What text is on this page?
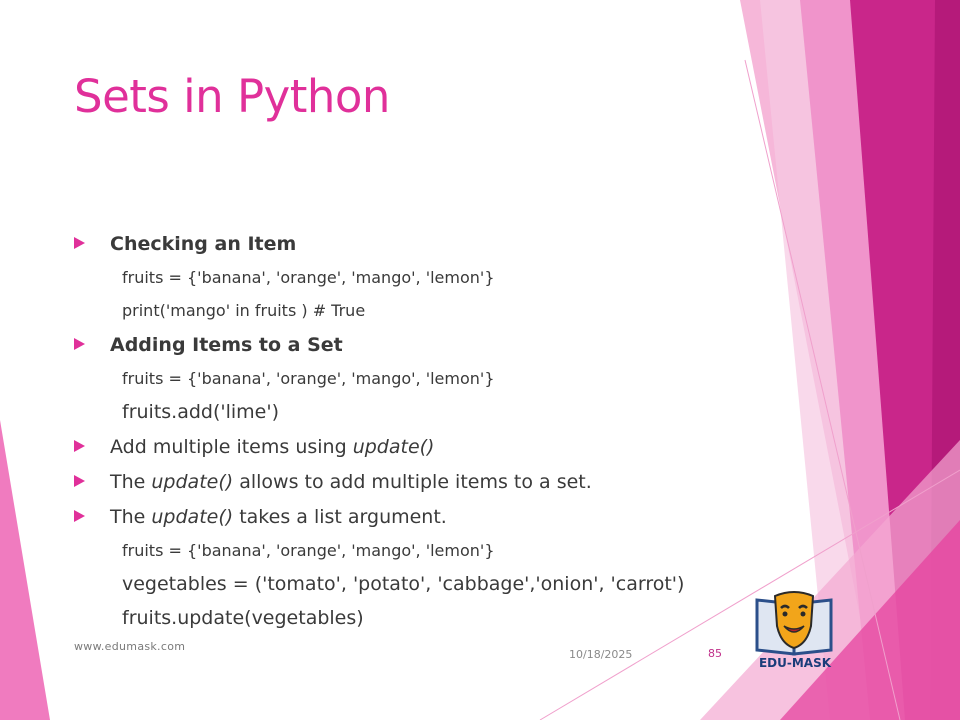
Sets in Python
Checking an Item
fruits = {'banana', 'orange', 'mango', 'lemon'}
print('mango' in fruits ) # True
Adding Items to a Set
fruits = {'banana', 'orange', 'mango', 'lemon'}
fruits.add('lime')
Add multiple items using update()
The update() allows to add multiple items to a set.
The update() takes a list argument.
fruits = {'banana', 'orange', 'mango', 'lemon'}
vegetables = ('tomato', 'potato', 'cabbage','onion', 'carrot')
fruits.update(vegetables)
www.edumask.com
10/18/2025	85
EDU-MASK
